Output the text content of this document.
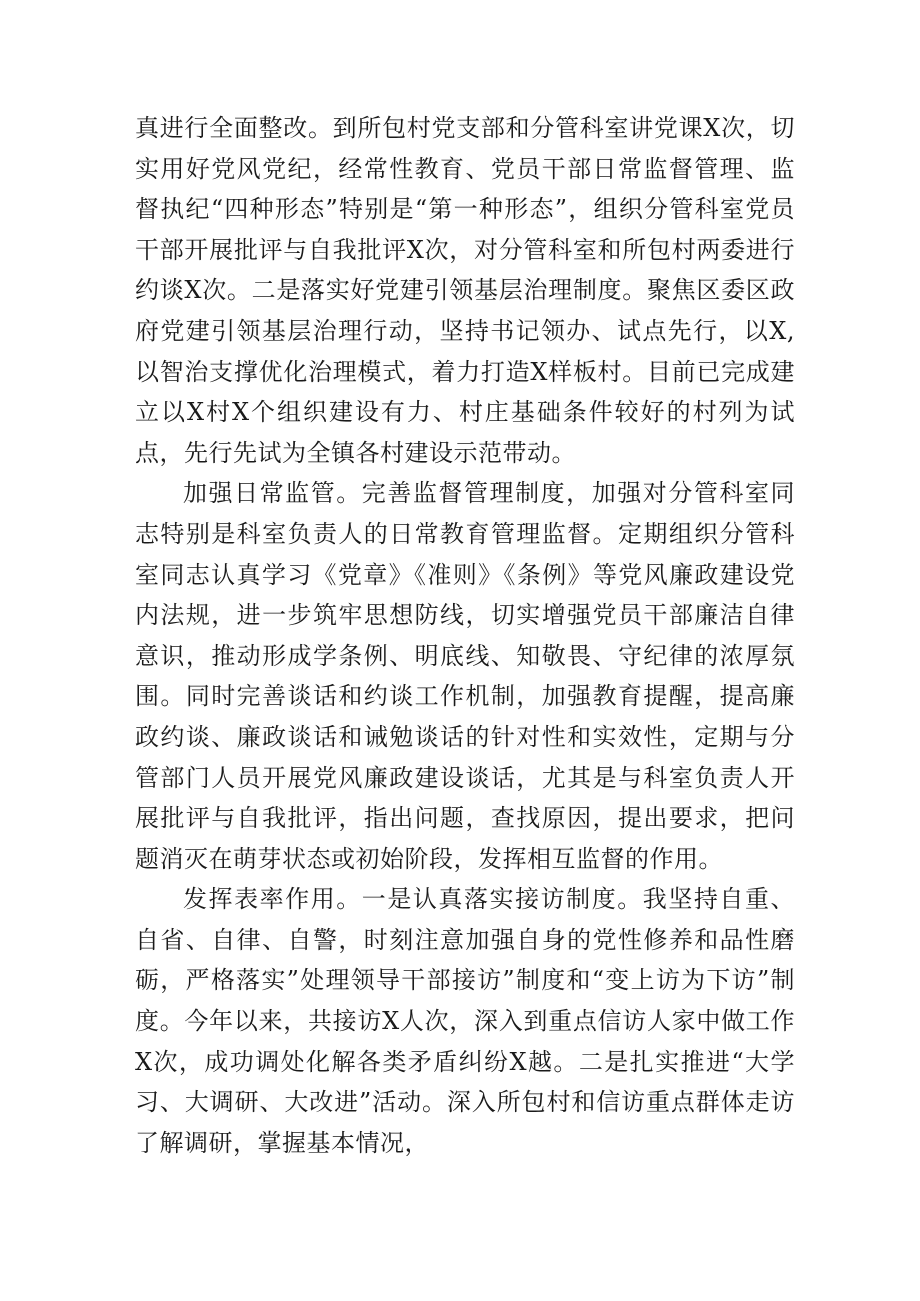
真进行全面整改。到所包村党支部和分管科室讲党课X次，切实用好党风党纪，经常性教育、党员干部日常监督管理、监督执纪“四种形态”特别是“第一种形态”，组织分管科室党员干部开展批评与自我批评X次，对分管科室和所包村两委进行约谈X次。二是落实好党建引领基层治理制度。聚焦区委区政府党建引领基层治理行动，坚持书记领办、试点先行，以X,以智治支撑优化治理模式，着力打造X样板村。目前已完成建立以X村X个组织建设有力、村庄基础条件较好的村列为试点，先行先试为全镇各村建设示范带动。

加强日常监管。完善监督管理制度，加强对分管科室同志特别是科室负责人的日常教育管理监督。定期组织分管科室同志认真学习《党章》《准则》《条例》等党风廉政建设党内法规，进一步筑牢思想防线，切实增强党员干部廉洁自律意识，推动形成学条例、明底线、知敬畏、守纪律的浓厚氛围。同时完善谈话和约谈工作机制，加强教育提醒，提高廉政约谈、廉政谈话和诫勉谈话的针对性和实效性，定期与分管部门人员开展党风廉政建设谈话，尤其是与科室负责人开展批评与自我批评，指出问题，查找原因，提出要求，把问题消灭在萌芽状态或初始阶段，发挥相互监督的作用。

发挥表率作用。一是认真落实接访制度。我坚持自重、自省、自律、自警，时刻注意加强自身的党性修养和品性磨砺，严格落实”处理领导干部接访”制度和“变上访为下访”制度。今年以来，共接访X人次，深入到重点信访人家中做工作X次，成功调处化解各类矛盾纠纷X越。二是扎实推进“大学习、大调研、大改进”活动。深入所包村和信访重点群体走访了解调研，掌握基本情况，
